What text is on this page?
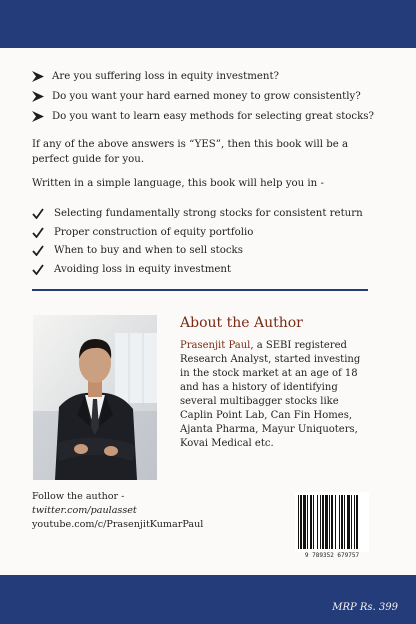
Are you suffering loss in equity investment?
Do you want your hard earned money to grow consistently?
Do you want to learn easy methods for selecting great stocks?
If any of the above answers is “YES”, then this book will be a perfect guide for you.
Written in a simple language, this book will help you in -
Selecting fundamentally strong stocks for consistent return
Proper construction of equity portfolio
When to buy and when to sell stocks
Avoiding loss in equity investment
About the Author
Prasenjit Paul, a SEBI registered Research Analyst, started investing in the stock market at an age of 18 and has a history of identifying several multibagger stocks like Caplin Point Lab, Can Fin Homes, Ajanta Pharma, Mayur Uniquoters, Kovai Medical etc.
Follow the author -
twitter.com/paulasset
youtube.com/c/PrasenjitKumarPaul
9 789352 679757
MRP Rs. 399
